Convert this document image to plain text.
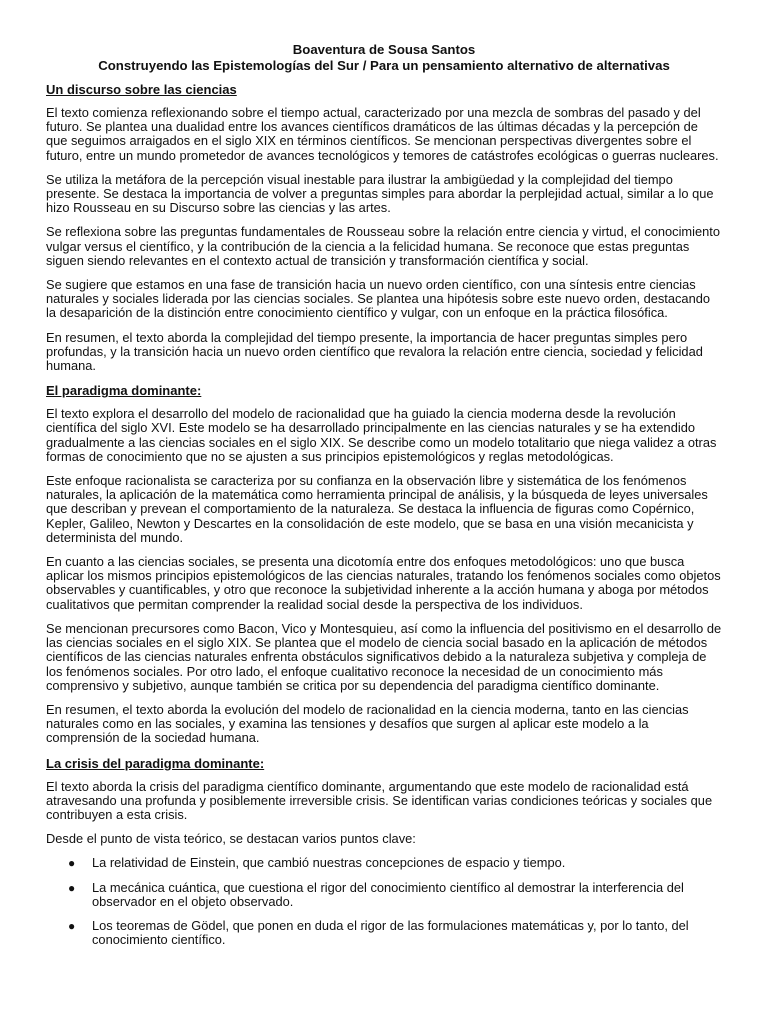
Boaventura de Sousa Santos
Construyendo las Epistemologías del Sur / Para un pensamiento alternativo de alternativas
Un discurso sobre las ciencias

El texto comienza reflexionando sobre el tiempo actual, caracterizado por una mezcla de sombras del pasado y del futuro. Se plantea una dualidad entre los avances científicos dramáticos de las últimas décadas y la percepción de que seguimos arraigados en el siglo XIX en términos científicos. Se mencionan perspectivas divergentes sobre el futuro, entre un mundo prometedor de avances tecnológicos y temores de catástrofes ecológicas o guerras nucleares.

Se utiliza la metáfora de la percepción visual inestable para ilustrar la ambigüedad y la complejidad del tiempo presente. Se destaca la importancia de volver a preguntas simples para abordar la perplejidad actual, similar a lo que hizo Rousseau en su Discurso sobre las ciencias y las artes.

Se reflexiona sobre las preguntas fundamentales de Rousseau sobre la relación entre ciencia y virtud, el conocimiento vulgar versus el científico, y la contribución de la ciencia a la felicidad humana. Se reconoce que estas preguntas siguen siendo relevantes en el contexto actual de transición y transformación científica y social.

Se sugiere que estamos en una fase de transición hacia un nuevo orden científico, con una síntesis entre ciencias naturales y sociales liderada por las ciencias sociales. Se plantea una hipótesis sobre este nuevo orden, destacando la desaparición de la distinción entre conocimiento científico y vulgar, con un enfoque en la práctica filosófica.

En resumen, el texto aborda la complejidad del tiempo presente, la importancia de hacer preguntas simples pero profundas, y la transición hacia un nuevo orden científico que revalora la relación entre ciencia, sociedad y felicidad humana.

El paradigma dominante:

El texto explora el desarrollo del modelo de racionalidad que ha guiado la ciencia moderna desde la revolución científica del siglo XVI. Este modelo se ha desarrollado principalmente en las ciencias naturales y se ha extendido gradualmente a las ciencias sociales en el siglo XIX. Se describe como un modelo totalitario que niega validez a otras formas de conocimiento que no se ajusten a sus principios epistemológicos y reglas metodológicas.

Este enfoque racionalista se caracteriza por su confianza en la observación libre y sistemática de los fenómenos naturales, la aplicación de la matemática como herramienta principal de análisis, y la búsqueda de leyes universales que describan y prevean el comportamiento de la naturaleza. Se destaca la influencia de figuras como Copérnico, Kepler, Galileo, Newton y Descartes en la consolidación de este modelo, que se basa en una visión mecanicista y determinista del mundo.

En cuanto a las ciencias sociales, se presenta una dicotomía entre dos enfoques metodológicos: uno que busca aplicar los mismos principios epistemológicos de las ciencias naturales, tratando los fenómenos sociales como objetos observables y cuantificables, y otro que reconoce la subjetividad inherente a la acción humana y aboga por métodos cualitativos que permitan comprender la realidad social desde la perspectiva de los individuos.

Se mencionan precursores como Bacon, Vico y Montesquieu, así como la influencia del positivismo en el desarrollo de las ciencias sociales en el siglo XIX. Se plantea que el modelo de ciencia social basado en la aplicación de métodos científicos de las ciencias naturales enfrenta obstáculos significativos debido a la naturaleza subjetiva y compleja de los fenómenos sociales. Por otro lado, el enfoque cualitativo reconoce la necesidad de un conocimiento más comprensivo y subjetivo, aunque también se critica por su dependencia del paradigma científico dominante.

En resumen, el texto aborda la evolución del modelo de racionalidad en la ciencia moderna, tanto en las ciencias naturales como en las sociales, y examina las tensiones y desafíos que surgen al aplicar este modelo a la comprensión de la sociedad humana.

La crisis del paradigma dominante:

El texto aborda la crisis del paradigma científico dominante, argumentando que este modelo de racionalidad está atravesando una profunda y posiblemente irreversible crisis. Se identifican varias condiciones teóricas y sociales que contribuyen a esta crisis.

Desde el punto de vista teórico, se destacan varios puntos clave:

● La relatividad de Einstein, que cambió nuestras concepciones de espacio y tiempo.
● La mecánica cuántica, que cuestiona el rigor del conocimiento científico al demostrar la interferencia del observador en el objeto observado.
● Los teoremas de Gödel, que ponen en duda el rigor de las formulaciones matemáticas y, por lo tanto, del conocimiento científico.
